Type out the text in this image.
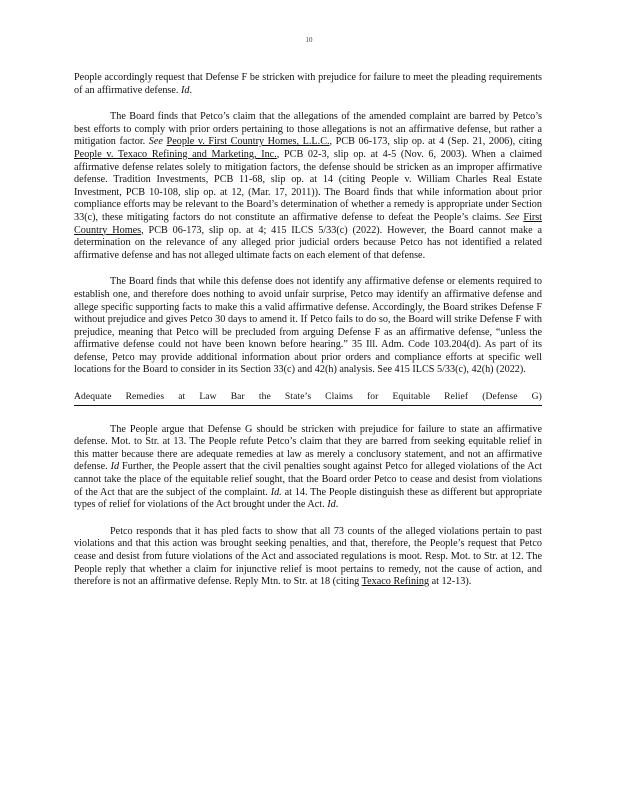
10

People accordingly request that Defense F be stricken with prejudice for failure to meet the pleading requirements of an affirmative defense. Id.

The Board finds that Petco’s claim that the allegations of the amended complaint are barred by Petco’s best efforts to comply with prior orders pertaining to those allegations is not an affirmative defense, but rather a mitigation factor. See People v. First Country Homes, L.L.C., PCB 06-173, slip op. at 4 (Sep. 21, 2006), citing People v. Texaco Refining and Marketing, Inc., PCB 02-3, slip op. at 4-5 (Nov. 6, 2003). When a claimed affirmative defense relates solely to mitigation factors, the defense should be stricken as an improper affirmative defense. Tradition Investments, PCB 11-68, slip op. at 14 (citing People v. William Charles Real Estate Investment, PCB 10-108, slip op. at 12, (Mar. 17, 2011)). The Board finds that while information about prior compliance efforts may be relevant to the Board’s determination of whether a remedy is appropriate under Section 33(c), these mitigating factors do not constitute an affirmative defense to defeat the People’s claims. See First Country Homes, PCB 06-173, slip op. at 4; 415 ILCS 5/33(c) (2022). However, the Board cannot make a determination on the relevance of any alleged prior judicial orders because Petco has not identified a related affirmative defense and has not alleged ultimate facts on each element of that defense.

The Board finds that while this defense does not identify any affirmative defense or elements required to establish one, and therefore does nothing to avoid unfair surprise, Petco may identify an affirmative defense and allege specific supporting facts to make this a valid affirmative defense. Accordingly, the Board strikes Defense F without prejudice and gives Petco 30 days to amend it. If Petco fails to do so, the Board will strike Defense F with prejudice, meaning that Petco will be precluded from arguing Defense F as an affirmative defense, “unless the affirmative defense could not have been known before hearing.” 35 Ill. Adm. Code 103.204(d). As part of its defense, Petco may provide additional information about prior orders and compliance efforts at specific well locations for the Board to consider in its Section 33(c) and 42(h) analysis. See 415 ILCS 5/33(c), 42(h) (2022).

Adequate Remedies at Law Bar the State’s Claims for Equitable Relief (Defense G)

The People argue that Defense G should be stricken with prejudice for failure to state an affirmative defense. Mot. to Str. at 13. The People refute Petco’s claim that they are barred from seeking equitable relief in this matter because there are adequate remedies at law as merely a conclusory statement, and not an affirmative defense. Id Further, the People assert that the civil penalties sought against Petco for alleged violations of the Act cannot take the place of the equitable relief sought, that the Board order Petco to cease and desist from violations of the Act that are the subject of the complaint. Id. at 14. The People distinguish these as different but appropriate types of relief for violations of the Act brought under the Act. Id.

Petco responds that it has pled facts to show that all 73 counts of the alleged violations pertain to past violations and that this action was brought seeking penalties, and that, therefore, the People’s request that Petco cease and desist from future violations of the Act and associated regulations is moot. Resp. Mot. to Str. at 12. The People reply that whether a claim for injunctive relief is moot pertains to remedy, not the cause of action, and therefore is not an affirmative defense. Reply Mtn. to Str. at 18 (citing Texaco Refining at 12-13).
